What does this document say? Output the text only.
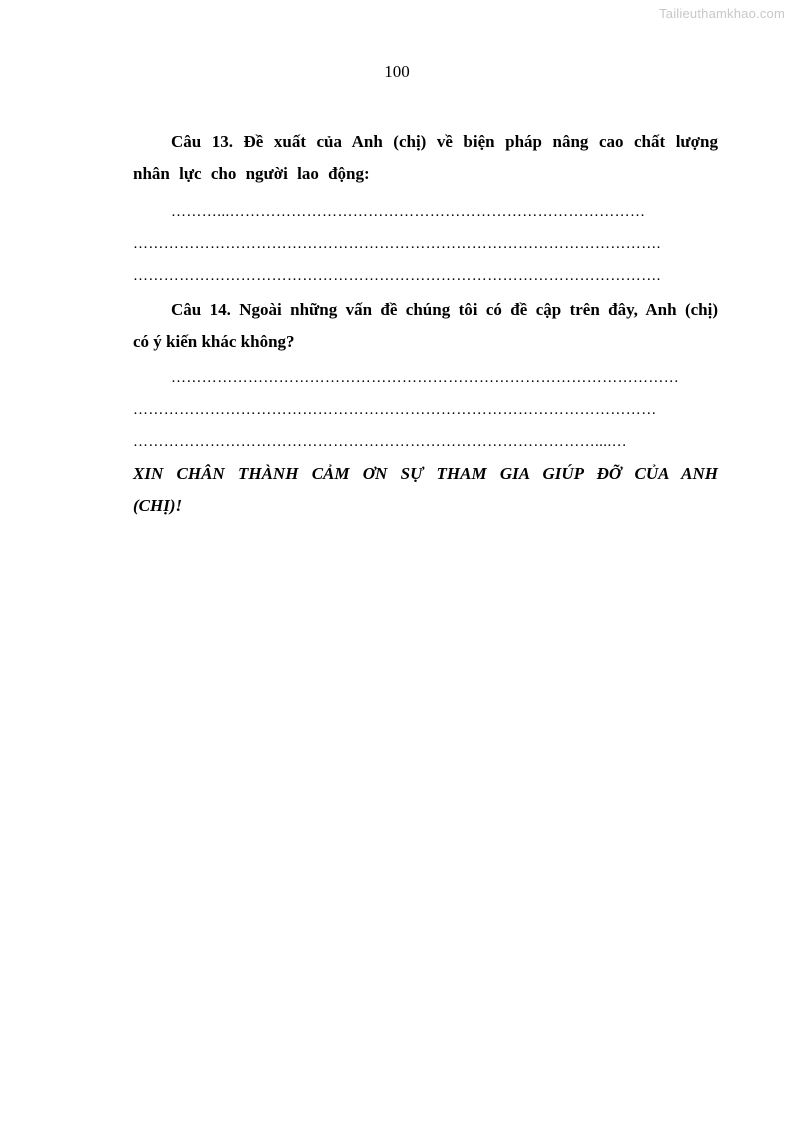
Tailieuthamkhao.com
100

Câu 13. Đề xuất của Anh (chị) về biện pháp nâng cao chất lượng nhân lực cho người lao động:

………...………………………………………………………………………
………………………………………………………………………………………….
………………………………………………………………………………………….

Câu 14. Ngoài những vấn đề chúng tôi có đề cập trên đây, Anh (chị)

có ý kiến khác không?

………………………………………………………………………………………
…………………………………………………………………………………………
………………………………………………………………………………....…

XIN CHÂN THÀNH CẢM ƠN SỰ THAM GIA GIÚP ĐỠ CỦA ANH

(CHỊ)!
